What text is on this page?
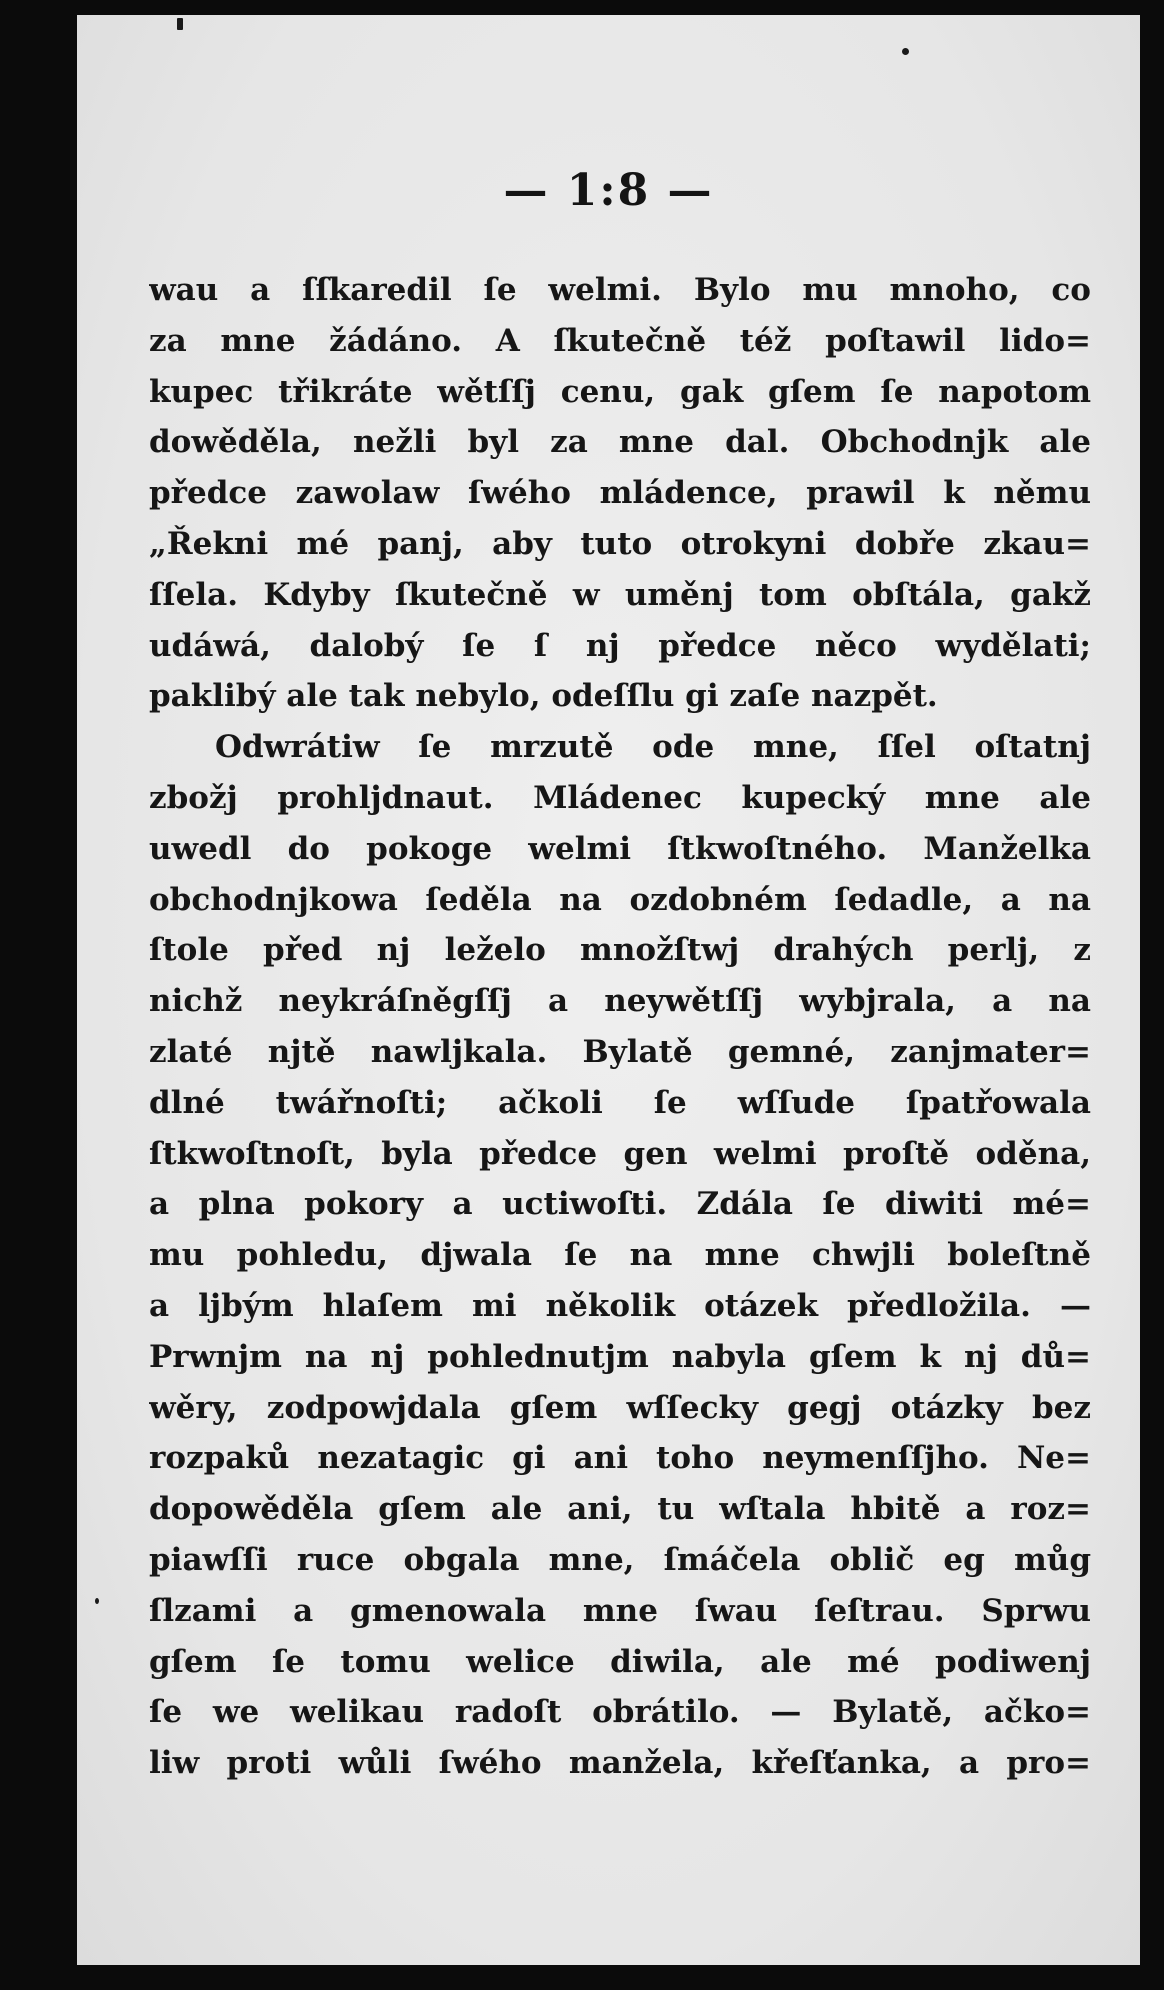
— 1:8 —
wau a ſſkaredil ſe welmi. Bylo mu mnoho, co
za mne žádáno. A ſkutečně též poſtawil lido=
kupec třikráte wětſſj cenu, gak gſem ſe napotom
dowěděla, nežli byl za mne dal. Obchodnjk ale
předce zawolaw ſwého mládence, prawil k němu
„Řekni mé panj, aby tuto otrokyni dobře zkau=
ſſela. Kdyby ſkutečně w uměnj tom obſtála, gakž
udáwá, dalobý ſe ſ nj předce něco wydělati;
paklibý ale tak nebylo, odeſſlu gi zaſe nazpět.
Odwrátiw ſe mrzutě ode mne, ſſel oſtatnj
zbožj prohljdnaut. Mládenec kupecký mne ale
uwedl do pokoge welmi ſtkwoſtného. Manželka
obchodnjkowa ſeděla na ozdobném ſedadle, a na
ſtole před nj leželo množſtwj drahých perlj, z
nichž neykráſněgſſj a neywětſſj wybjrala, a na
zlaté njtě nawljkala. Bylatě gemné, zanjmater=
dlné twářnoſti; ačkoli ſe wſſude ſpatřowala
ſtkwoſtnoſt, byla předce gen welmi proſtě oděna,
a plna pokory a uctiwoſti. Zdála ſe diwiti mé=
mu pohledu, djwala ſe na mne chwjli boleſtně
a ljbým hlaſem mi několik otázek předložila. —
Prwnjm na nj pohlednutjm nabyla gſem k nj dů=
wěry, zodpowjdala gſem wſſecky gegj otázky bez
rozpaků nezatagic gi ani toho neymenſſjho. Ne=
dopowěděla gſem ale ani, tu wſtala hbitě a roz=
piawſſi ruce obgala mne, ſmáčela oblič eg můg
ſlzami a gmenowala mne ſwau ſeſtrau. Sprwu
gſem ſe tomu welice diwila, ale mé podiwenj
ſe we welikau radoſt obrátilo. — Bylatě, ačko=
liw proti wůli ſwého manžela, křeſťanka, a pro=
